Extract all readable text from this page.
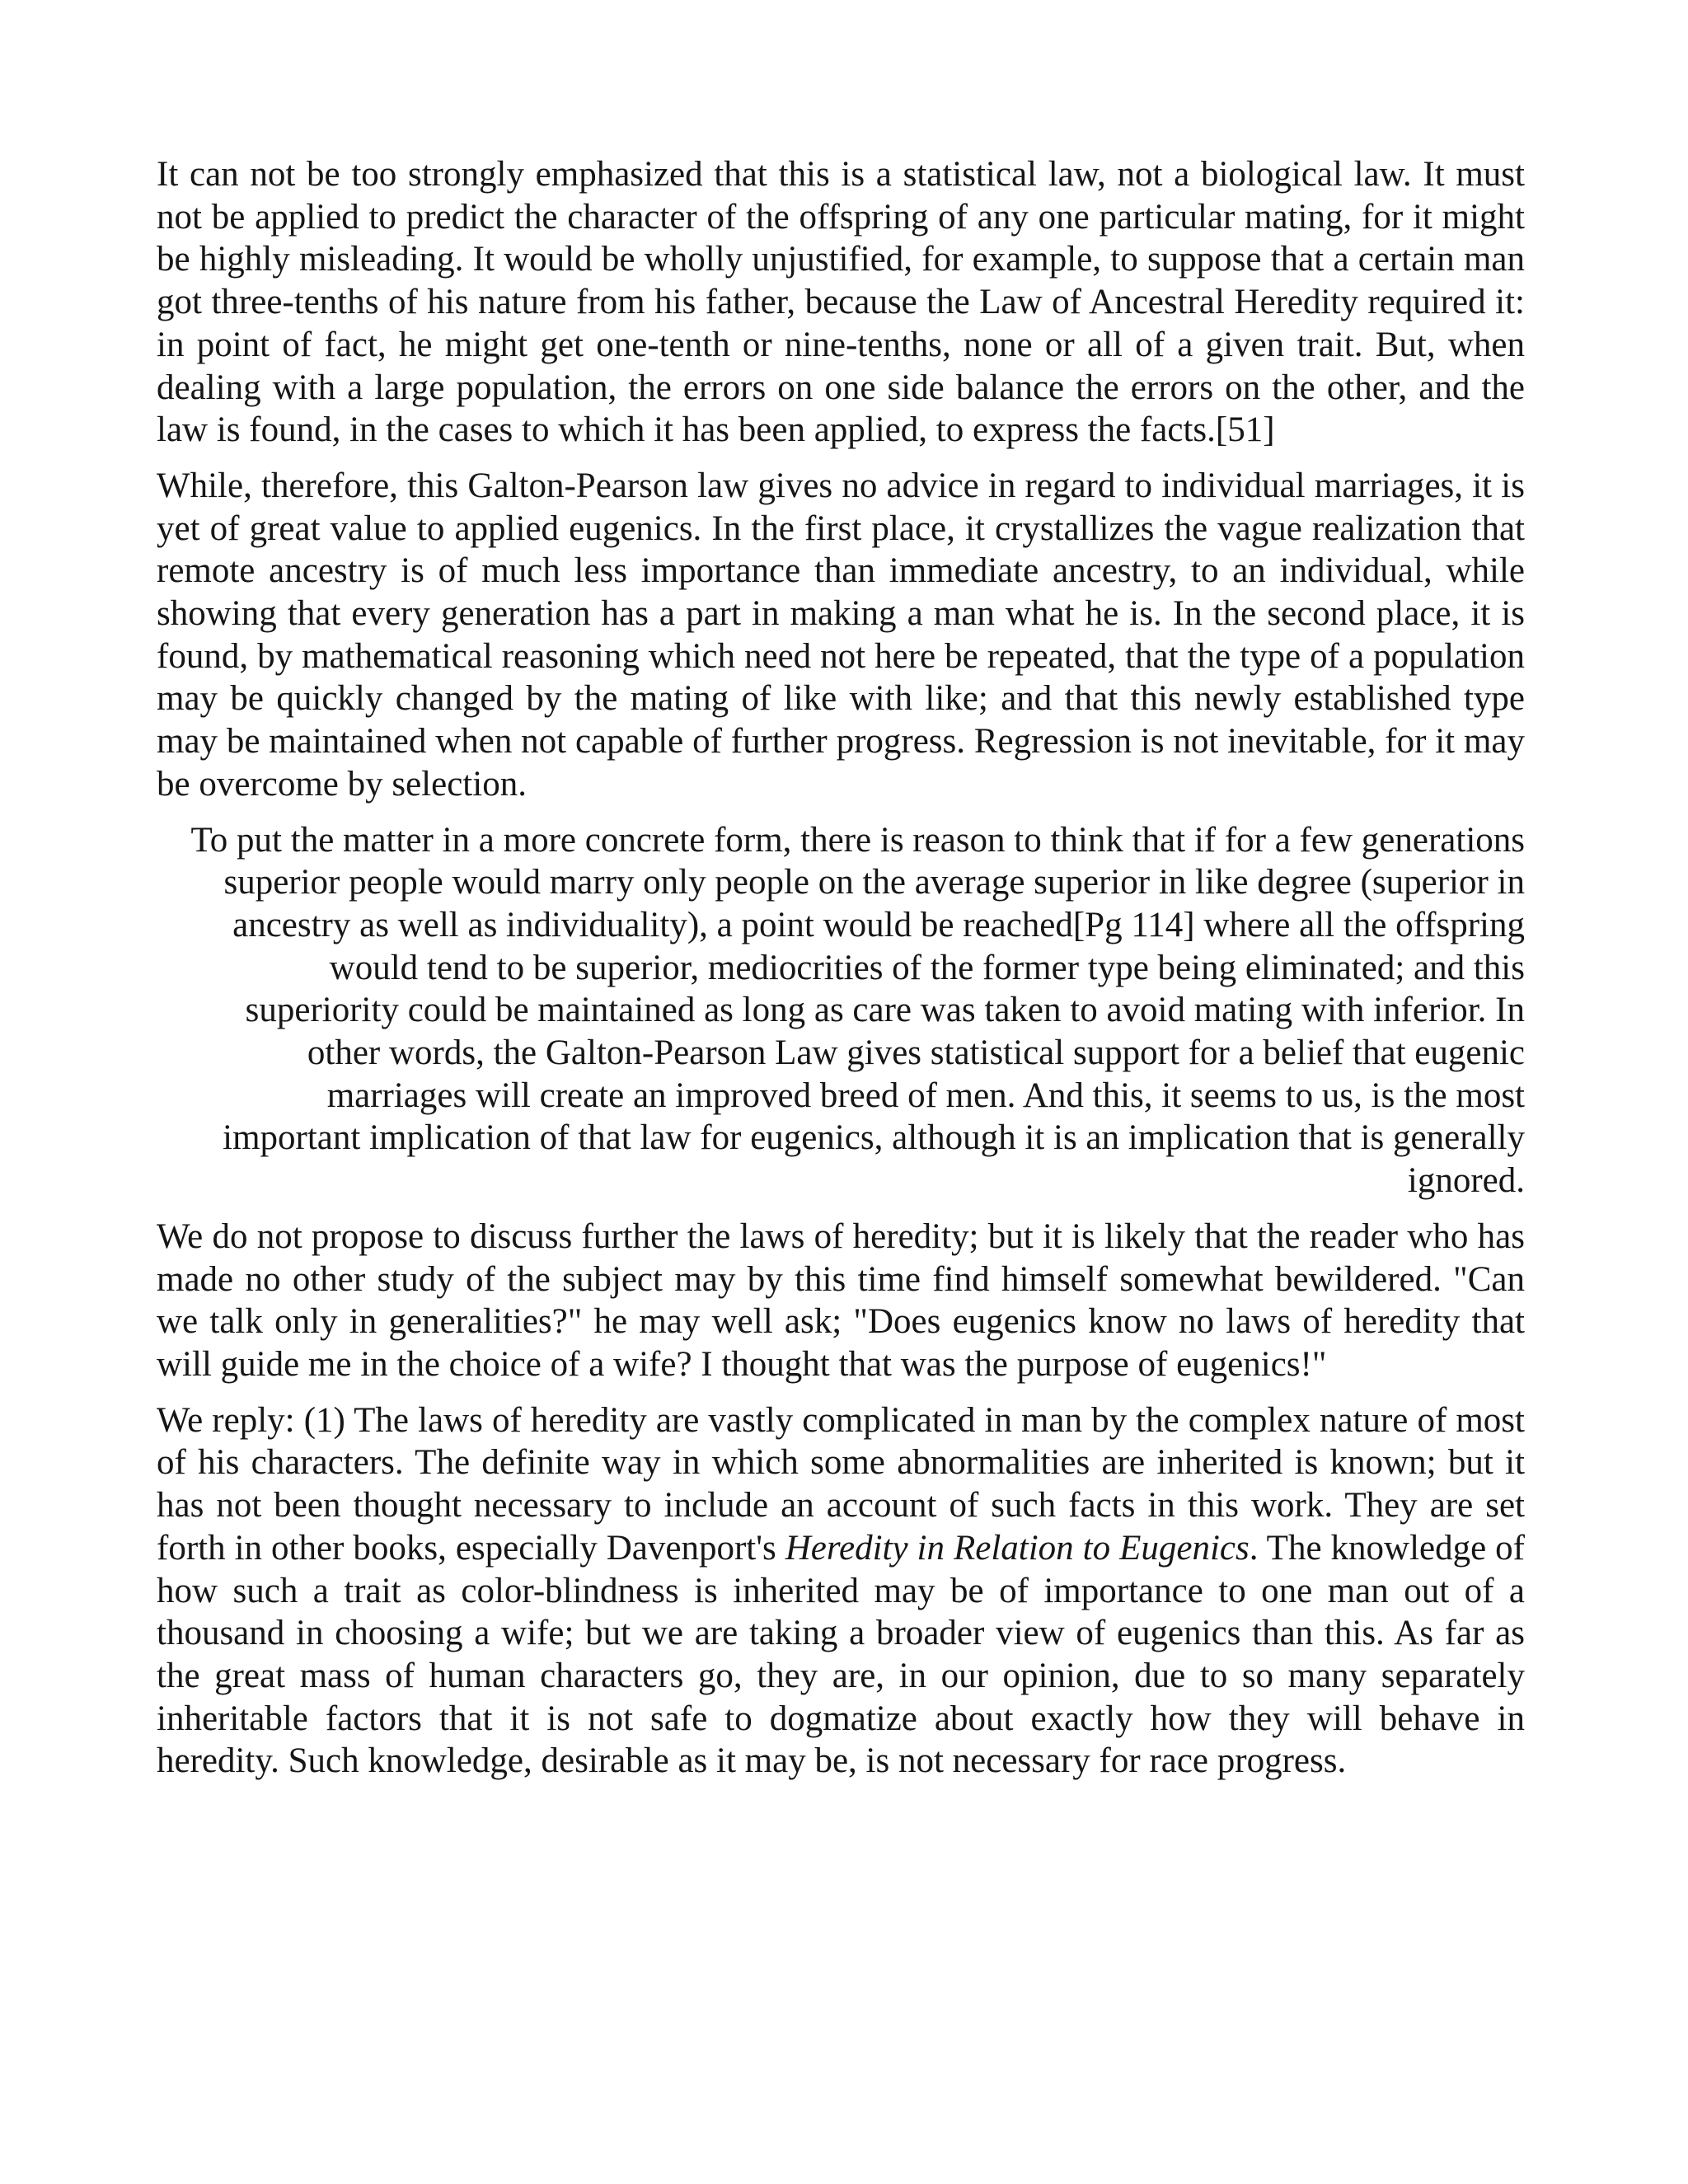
It can not be too strongly emphasized that this is a statistical law, not a biological law. It must not be applied to predict the character of the offspring of any one particular mating, for it might be highly misleading. It would be wholly unjustified, for example, to suppose that a certain man got three-tenths of his nature from his father, because the Law of Ancestral Heredity required it: in point of fact, he might get one-tenth or nine-tenths, none or all of a given trait. But, when dealing with a large population, the errors on one side balance the errors on the other, and the law is found, in the cases to which it has been applied, to express the facts.[51]

While, therefore, this Galton-Pearson law gives no advice in regard to individual marriages, it is yet of great value to applied eugenics. In the first place, it crystallizes the vague realization that remote ancestry is of much less importance than immediate ancestry, to an individual, while showing that every generation has a part in making a man what he is. In the second place, it is found, by mathematical reasoning which need not here be repeated, that the type of a population may be quickly changed by the mating of like with like; and that this newly established type may be maintained when not capable of further progress. Regression is not inevitable, for it may be overcome by selection.

To put the matter in a more concrete form, there is reason to think that if for a few generations superior people would marry only people on the average superior in like degree (superior in ancestry as well as individuality), a point would be reached[Pg 114] where all the offspring would tend to be superior, mediocrities of the former type being eliminated; and this superiority could be maintained as long as care was taken to avoid mating with inferior. In other words, the Galton-Pearson Law gives statistical support for a belief that eugenic marriages will create an improved breed of men. And this, it seems to us, is the most important implication of that law for eugenics, although it is an implication that is generally ignored.

We do not propose to discuss further the laws of heredity; but it is likely that the reader who has made no other study of the subject may by this time find himself somewhat bewildered. "Can we talk only in generalities?" he may well ask; "Does eugenics know no laws of heredity that will guide me in the choice of a wife? I thought that was the purpose of eugenics!"

We reply: (1) The laws of heredity are vastly complicated in man by the complex nature of most of his characters. The definite way in which some abnormalities are inherited is known; but it has not been thought necessary to include an account of such facts in this work. They are set forth in other books, especially Davenport's Heredity in Relation to Eugenics. The knowledge of how such a trait as color-blindness is inherited may be of importance to one man out of a thousand in choosing a wife; but we are taking a broader view of eugenics than this. As far as the great mass of human characters go, they are, in our opinion, due to so many separately inheritable factors that it is not safe to dogmatize about exactly how they will behave in heredity. Such knowledge, desirable as it may be, is not necessary for race progress.
